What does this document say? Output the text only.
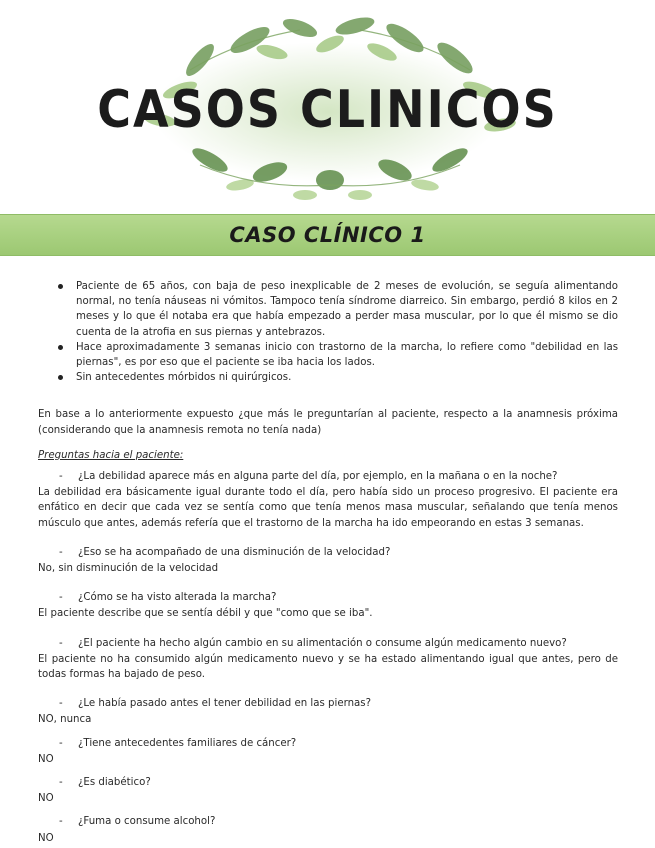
CASOS CLINICOS
CASO CLÍNICO 1
Paciente de 65 años, con baja de peso inexplicable de 2 meses de evolución, se seguía alimentando normal, no tenía náuseas ni vómitos. Tampoco tenía síndrome diarreico. Sin embargo, perdió 8 kilos en 2 meses y lo que él notaba era que había empezado a perder masa muscular, por lo que él mismo se dio cuenta de la atrofia en sus piernas y antebrazos.
Hace aproximadamente 3 semanas inicio con trastorno de la marcha, lo refiere como "debilidad en las piernas", es por eso que el paciente se iba hacia los lados.
Sin antecedentes mórbidos ni quirúrgicos.

En base a lo anteriormente expuesto ¿que más le preguntarían al paciente, respecto a la anamnesis próxima (considerando que la anamnesis remota no tenía nada)

Preguntas hacia el paciente:

- ¿La debilidad aparece más en alguna parte del día, por ejemplo, en la mañana o en la noche?

La debilidad era básicamente igual durante todo el día, pero había sido un proceso progresivo. El paciente era enfático en decir que cada vez se sentía como que tenía menos masa muscular, señalando que tenía menos músculo que antes, además refería que el trastorno de la marcha ha ido empeorando en estas 3 semanas.

- ¿Eso se ha acompañado de una disminución de la velocidad?

No, sin disminución de la velocidad

- ¿Cómo se ha visto alterada la marcha?

El paciente describe que se sentía débil y que "como que se iba".

- ¿El paciente ha hecho algún cambio en su alimentación o consume algún medicamento nuevo?

El paciente no ha consumido algún medicamento nuevo y se ha estado alimentando igual que antes, pero de todas formas ha bajado de peso.

- ¿Le había pasado antes el tener debilidad en las piernas?

NO, nunca

- ¿Tiene antecedentes familiares de cáncer?

NO

- ¿Es diabético?

NO

- ¿Fuma o consume alcohol?

NO
